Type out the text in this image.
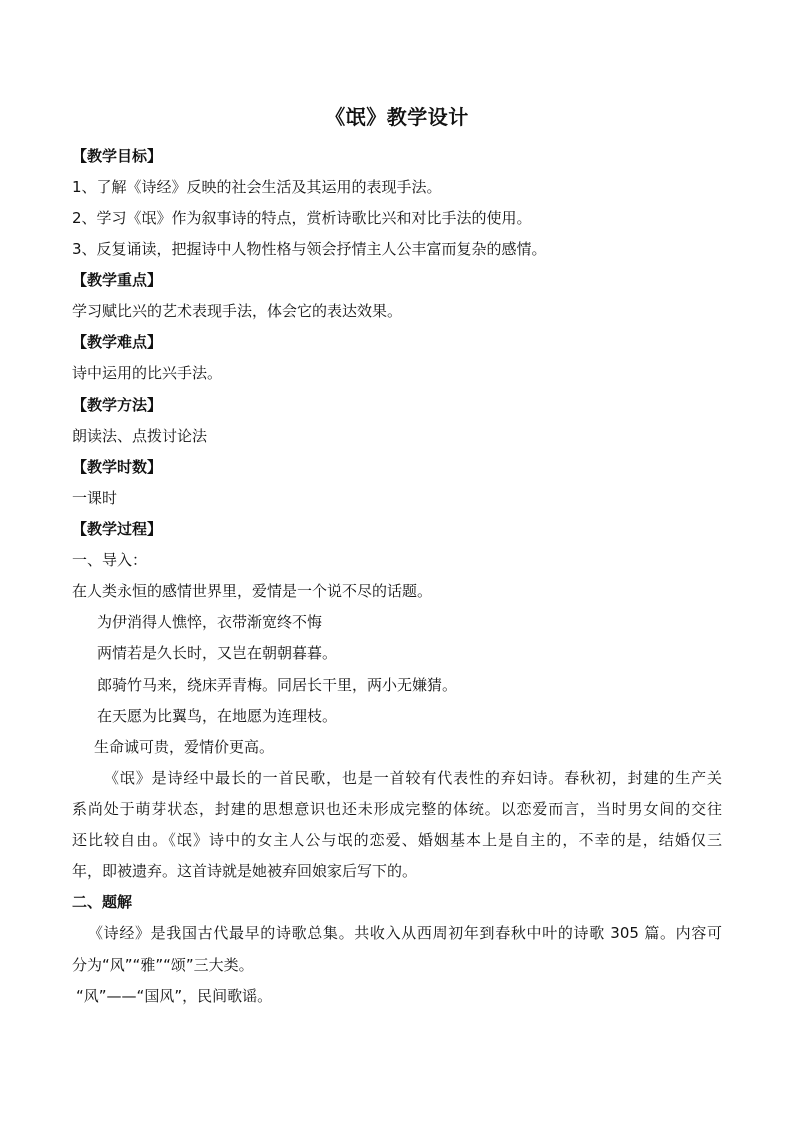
《氓》教学设计
【教学目标】
1、了解《诗经》反映的社会生活及其运用的表现手法。
2、学习《氓》作为叙事诗的特点，赏析诗歌比兴和对比手法的使用。
3、反复诵读，把握诗中人物性格与领会抒情主人公丰富而复杂的感情。
【教学重点】
学习赋比兴的艺术表现手法，体会它的表达效果。
【教学难点】
诗中运用的比兴手法。
【教学方法】
朗读法、点拨讨论法
【教学时数】
一课时
【教学过程】
一、导入：
在人类永恒的感情世界里，爱情是一个说不尽的话题。
为伊消得人憔悴，衣带渐宽终不悔
两情若是久长时，又岂在朝朝暮暮。
郎骑竹马来，绕床弄青梅。同居长干里，两小无嫌猜。
在天愿为比翼鸟，在地愿为连理枝。
生命诚可贵，爱情价更高。
《氓》是诗经中最长的一首民歌，也是一首较有代表性的弃妇诗。春秋初，封建的生产关
系尚处于萌芽状态，封建的思想意识也还未形成完整的体统。以恋爱而言，当时男女间的交往
还比较自由。《氓》诗中的女主人公与氓的恋爱、婚姻基本上是自主的，不幸的是，结婚仅三
年，即被遗弃。这首诗就是她被弃回娘家后写下的。
二、题解
《诗经》是我国古代最早的诗歌总集。共收入从西周初年到春秋中叶的诗歌 305 篇。内容可
分为“风”“雅”“颂”三大类。
“风”——“国风”，民间歌谣。
